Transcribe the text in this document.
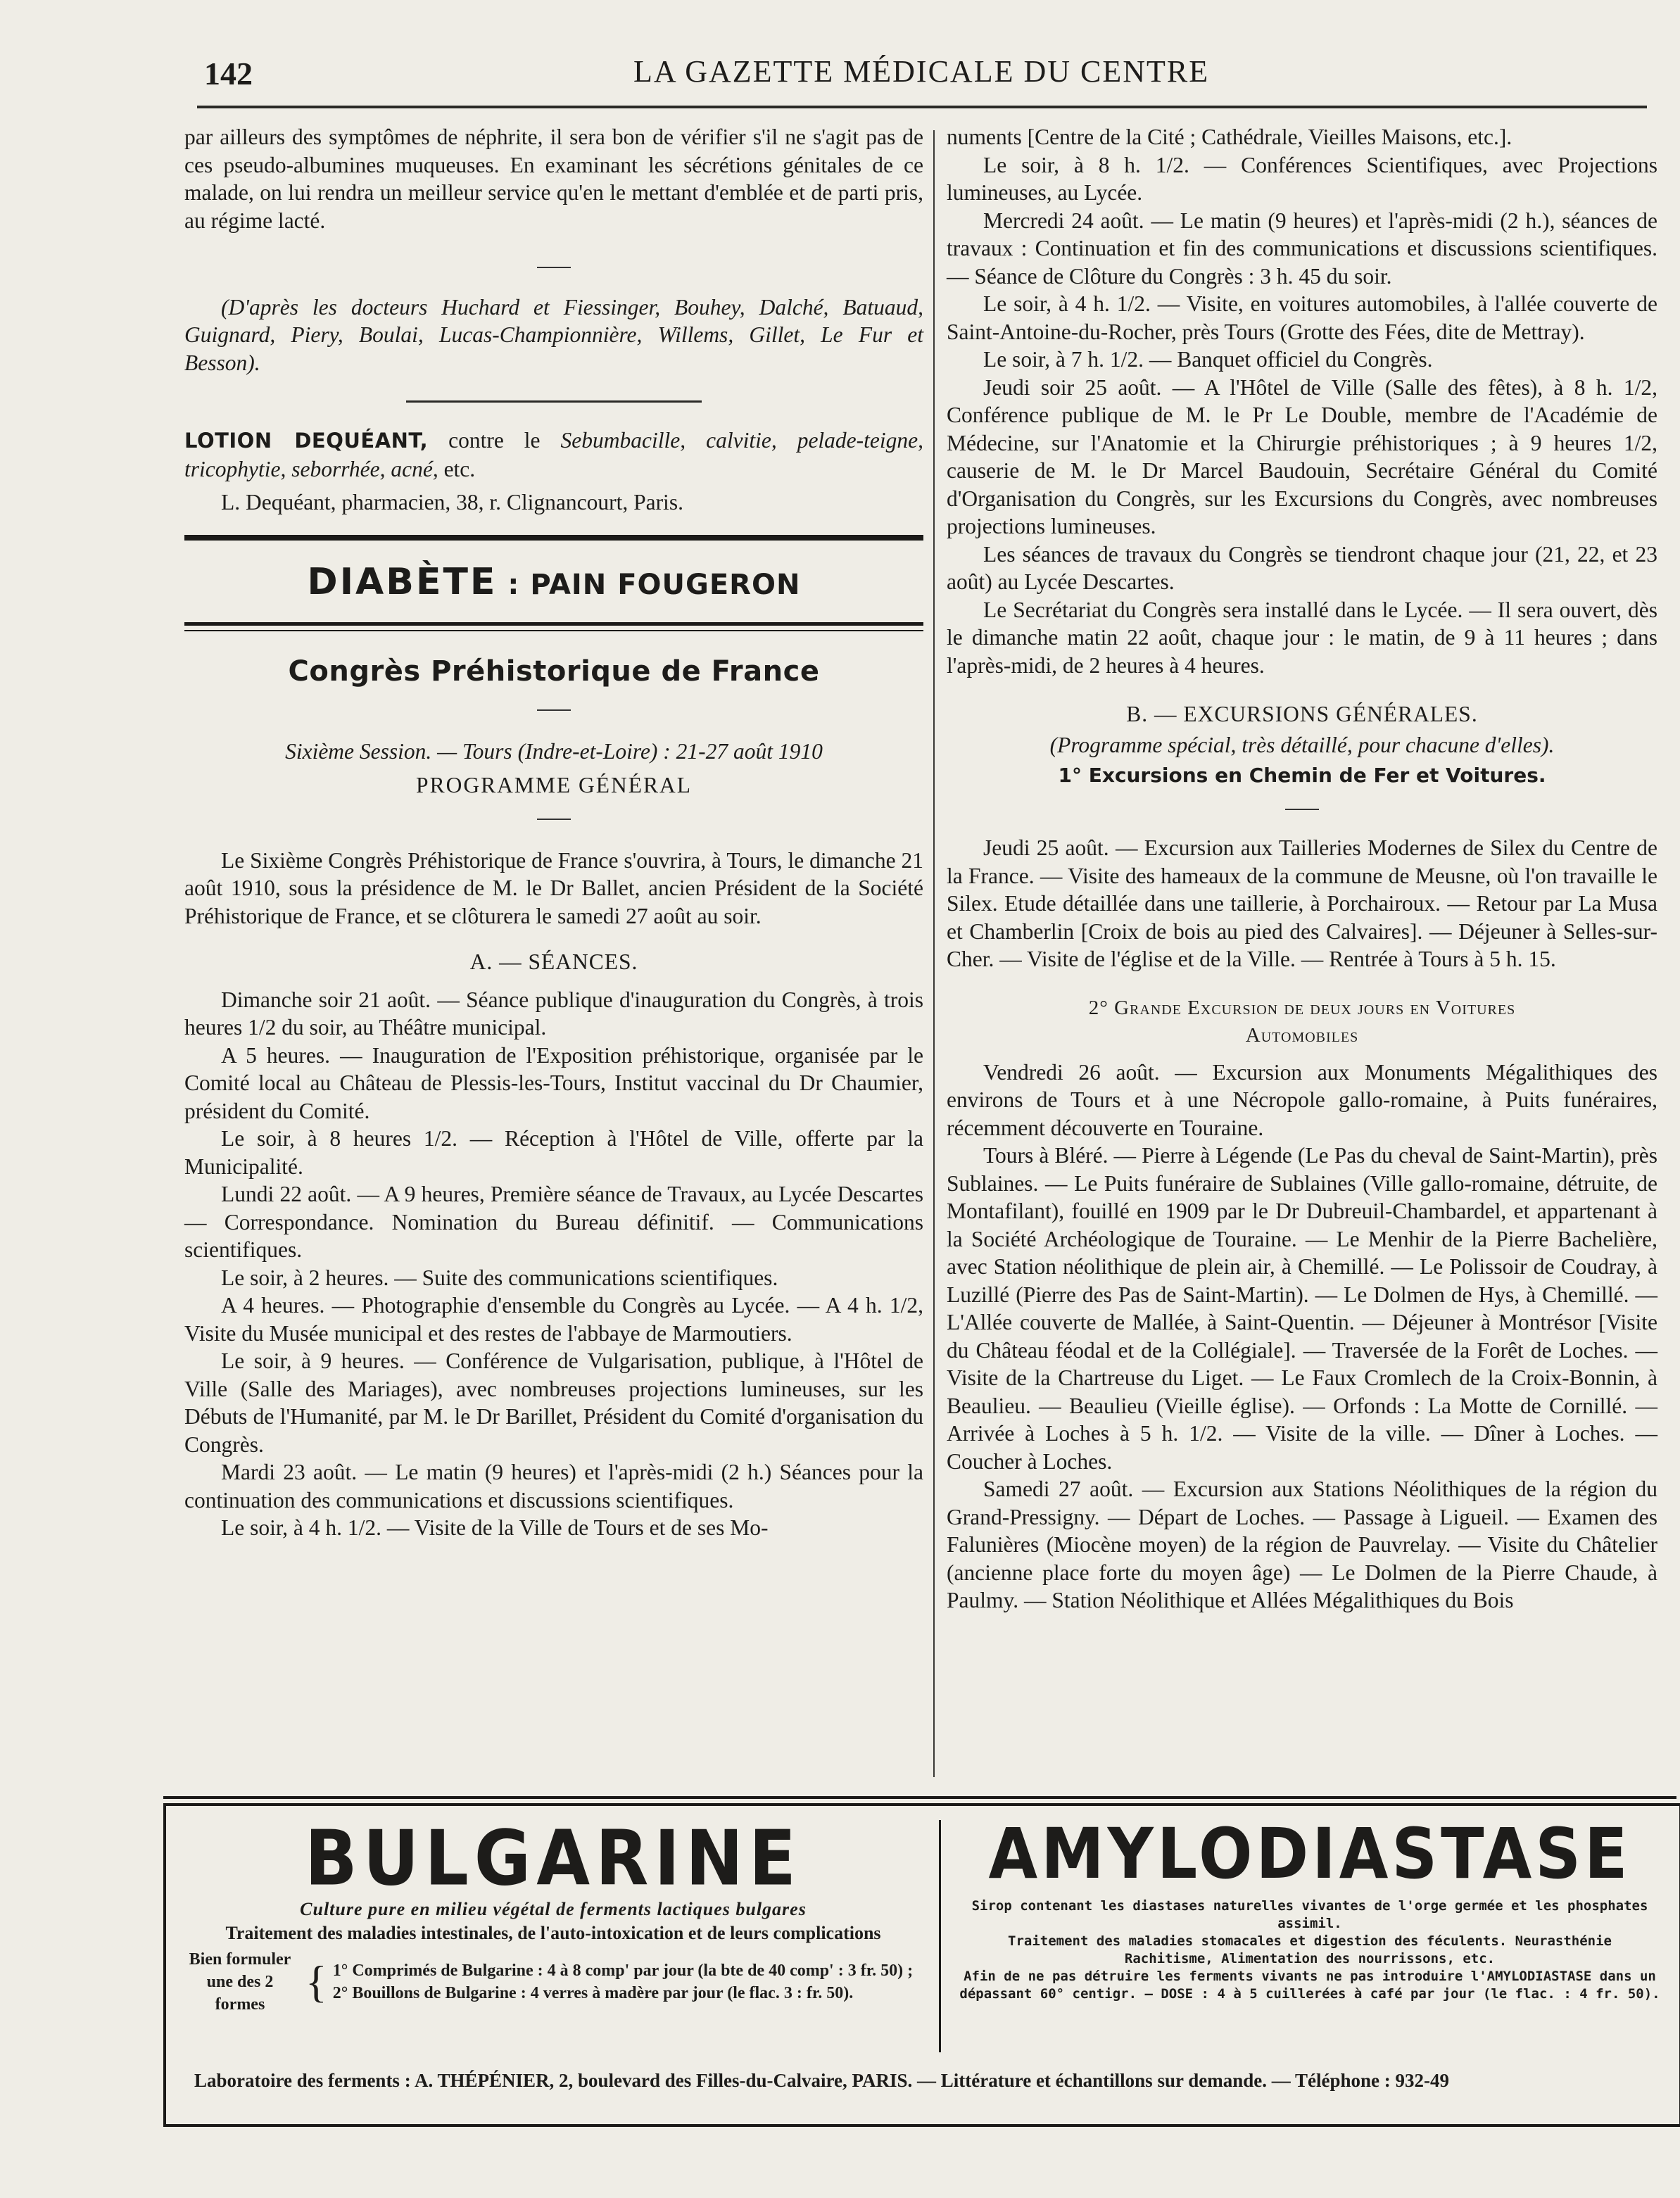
142	LA GAZETTE MÉDICALE DU CENTRE

par ailleurs des symptômes de néphrite, il sera bon de vérifier s'il ne s'agit pas de ces pseudo-albumines muqueuses. En examinant les sécrétions génitales de ce malade, on lui rendra un meilleur service qu'en le mettant d'emblée et de parti pris, au régime lacté.

(D'après les docteurs Huchard et Fiessinger, Bouhey, Dalché, Batuaud, Guignard, Piery, Boulai, Lucas-Championnière, Willems, Gillet, Le Fur et Besson).

LOTION DEQUÉANT, contre le Sebumbacille, calvitie, pelade-teigne, tricophytie, seborrhée, acné, etc.

L. Dequéant, pharmacien, 38, r. Clignancourt, Paris.

DIABÈTE : PAIN FOUGERON
Congrès Préhistorique de France

Sixième Session. — Tours (Indre-et-Loire) : 21-27 août 1910

PROGRAMME GÉNÉRAL

Le Sixième Congrès Préhistorique de France s'ouvrira, à Tours, le dimanche 21 août 1910, sous la présidence de M. le Dr Ballet, ancien Président de la Société Préhistorique de France, et se clôturera le samedi 27 août au soir.

A. — SÉANCES.

Dimanche soir 21 août. — Séance publique d'inauguration du Congrès, à trois heures 1/2 du soir, au Théâtre municipal.

A 5 heures. — Inauguration de l'Exposition préhistorique, organisée par le Comité local au Château de Plessis-les-Tours, Institut vaccinal du Dr Chaumier, président du Comité.

Le soir, à 8 heures 1/2. — Réception à l'Hôtel de Ville, offerte par la Municipalité.

Lundi 22 août. — A 9 heures, Première séance de Travaux, au Lycée Descartes — Correspondance. Nomination du Bureau définitif. — Communications scientifiques.

Le soir, à 2 heures. — Suite des communications scientifiques.

A 4 heures. — Photographie d'ensemble du Congrès au Lycée. — A 4 h. 1/2, Visite du Musée municipal et des restes de l'abbaye de Marmoutiers.

Le soir, à 9 heures. — Conférence de Vulgarisation, publique, à l'Hôtel de Ville (Salle des Mariages), avec nombreuses projections lumineuses, sur les Débuts de l'Humanité, par M. le Dr Barillet, Président du Comité d'organisation du Congrès.

Mardi 23 août. — Le matin (9 heures) et l'après-midi (2 h.) Séances pour la continuation des communications et discussions scientifiques.

Le soir, à 4 h. 1/2. — Visite de la Ville de Tours et de ses Mo-

numents [Centre de la Cité ; Cathédrale, Vieilles Maisons, etc.].

Le soir, à 8 h. 1/2. — Conférences Scientifiques, avec Projections lumineuses, au Lycée.

Mercredi 24 août. — Le matin (9 heures) et l'après-midi (2 h.), séances de travaux : Continuation et fin des communications et discussions scientifiques. — Séance de Clôture du Congrès : 3 h. 45 du soir.

Le soir, à 4 h. 1/2. — Visite, en voitures automobiles, à l'allée couverte de Saint-Antoine-du-Rocher, près Tours (Grotte des Fées, dite de Mettray).

Le soir, à 7 h. 1/2. — Banquet officiel du Congrès.

Jeudi soir 25 août. — A l'Hôtel de Ville (Salle des fêtes), à 8 h. 1/2, Conférence publique de M. le Pr Le Double, membre de l'Académie de Médecine, sur l'Anatomie et la Chirurgie préhistoriques ; à 9 heures 1/2, causerie de M. le Dr Marcel Baudouin, Secrétaire Général du Comité d'Organisation du Congrès, sur les Excursions du Congrès, avec nombreuses projections lumineuses.

Les séances de travaux du Congrès se tiendront chaque jour (21, 22, et 23 août) au Lycée Descartes.

Le Secrétariat du Congrès sera installé dans le Lycée. — Il sera ouvert, dès le dimanche matin 22 août, chaque jour : le matin, de 9 à 11 heures ; dans l'après-midi, de 2 heures à 4 heures.

B. — EXCURSIONS GÉNÉRALES.

(Programme spécial, très détaillé, pour chacune d'elles).

1° Excursions en Chemin de Fer et Voitures.

Jeudi 25 août. — Excursion aux Tailleries Modernes de Silex du Centre de la France. — Visite des hameaux de la commune de Meusne, où l'on travaille le Silex. Etude détaillée dans une taillerie, à Porchairoux. — Retour par La Musa et Chamberlin [Croix de bois au pied des Calvaires]. — Déjeuner à Selles-sur-Cher. — Visite de l'église et de la Ville. — Rentrée à Tours à 5 h. 15.

2° Grande Excursion de deux jours en Voitures

Automobiles

Vendredi 26 août. — Excursion aux Monuments Mégalithiques des environs de Tours et à une Nécropole gallo-romaine, à Puits funéraires, récemment découverte en Touraine.

Tours à Bléré. — Pierre à Légende (Le Pas du cheval de Saint-Martin), près Sublaines. — Le Puits funéraire de Sublaines (Ville gallo-romaine, détruite, de Montafilant), fouillé en 1909 par le Dr Dubreuil-Chambardel, et appartenant à la Société Archéologique de Touraine. — Le Menhir de la Pierre Bachelière, avec Station néolithique de plein air, à Chemillé. — Le Polissoir de Coudray, à Luzillé (Pierre des Pas de Saint-Martin). — Le Dolmen de Hys, à Chemillé. — L'Allée couverte de Mallée, à Saint-Quentin. — Déjeuner à Montrésor [Visite du Château féodal et de la Collégiale]. — Traversée de la Forêt de Loches. — Visite de la Chartreuse du Liget. — Le Faux Cromlech de la Croix-Bonnin, à Beaulieu. — Beaulieu (Vieille église). — Orfonds : La Motte de Cornillé. — Arrivée à Loches à 5 h. 1/2. — Visite de la ville. — Dîner à Loches. — Coucher à Loches.

Samedi 27 août. — Excursion aux Stations Néolithiques de la région du Grand-Pressigny. — Départ de Loches. — Passage à Ligueil. — Examen des Falunières (Miocène moyen) de la région de Pauvrelay. — Visite du Châtelier (ancienne place forte du moyen âge) — Le Dolmen de la Pierre Chaude, à Paulmy. — Station Néolithique et Allées Mégalithiques du Bois

BULGARINE
Culture pure en milieu végétal de ferments lactiques bulgares
Traitement des maladies intestinales, de l'auto-intoxication et de leurs complications
Bien formuler
une des 2 formes { 1° Comprimés de Bulgarine : 4 à 8 comp' par jour (la bte de 40 comp' : 3 fr. 50) ;
2° Bouillons de Bulgarine : 4 verres à madère par jour (le flac. 3 : fr. 50).
AMYLODIASTASE
Sirop contenant les diastases naturelles vivantes de l'orge germée et les phosphates assimil.
Traitement des maladies stomacales et digestion des féculents. Neurasthénie
Rachitisme, Alimentation des nourrissons, etc.
Afin de ne pas détruire les ferments vivants ne pas introduire l'AMYLODIASTASE dans un
dépassant 60° centigr. — DOSE : 4 à 5 cuillerées à café par jour (le flac. : 4 fr. 50).
Laboratoire des ferments : A. THÉPÉNIER, 2, boulevard des Filles-du-Calvaire, PARIS. — Littérature et échantillons sur demande. — Téléphone : 932-49
